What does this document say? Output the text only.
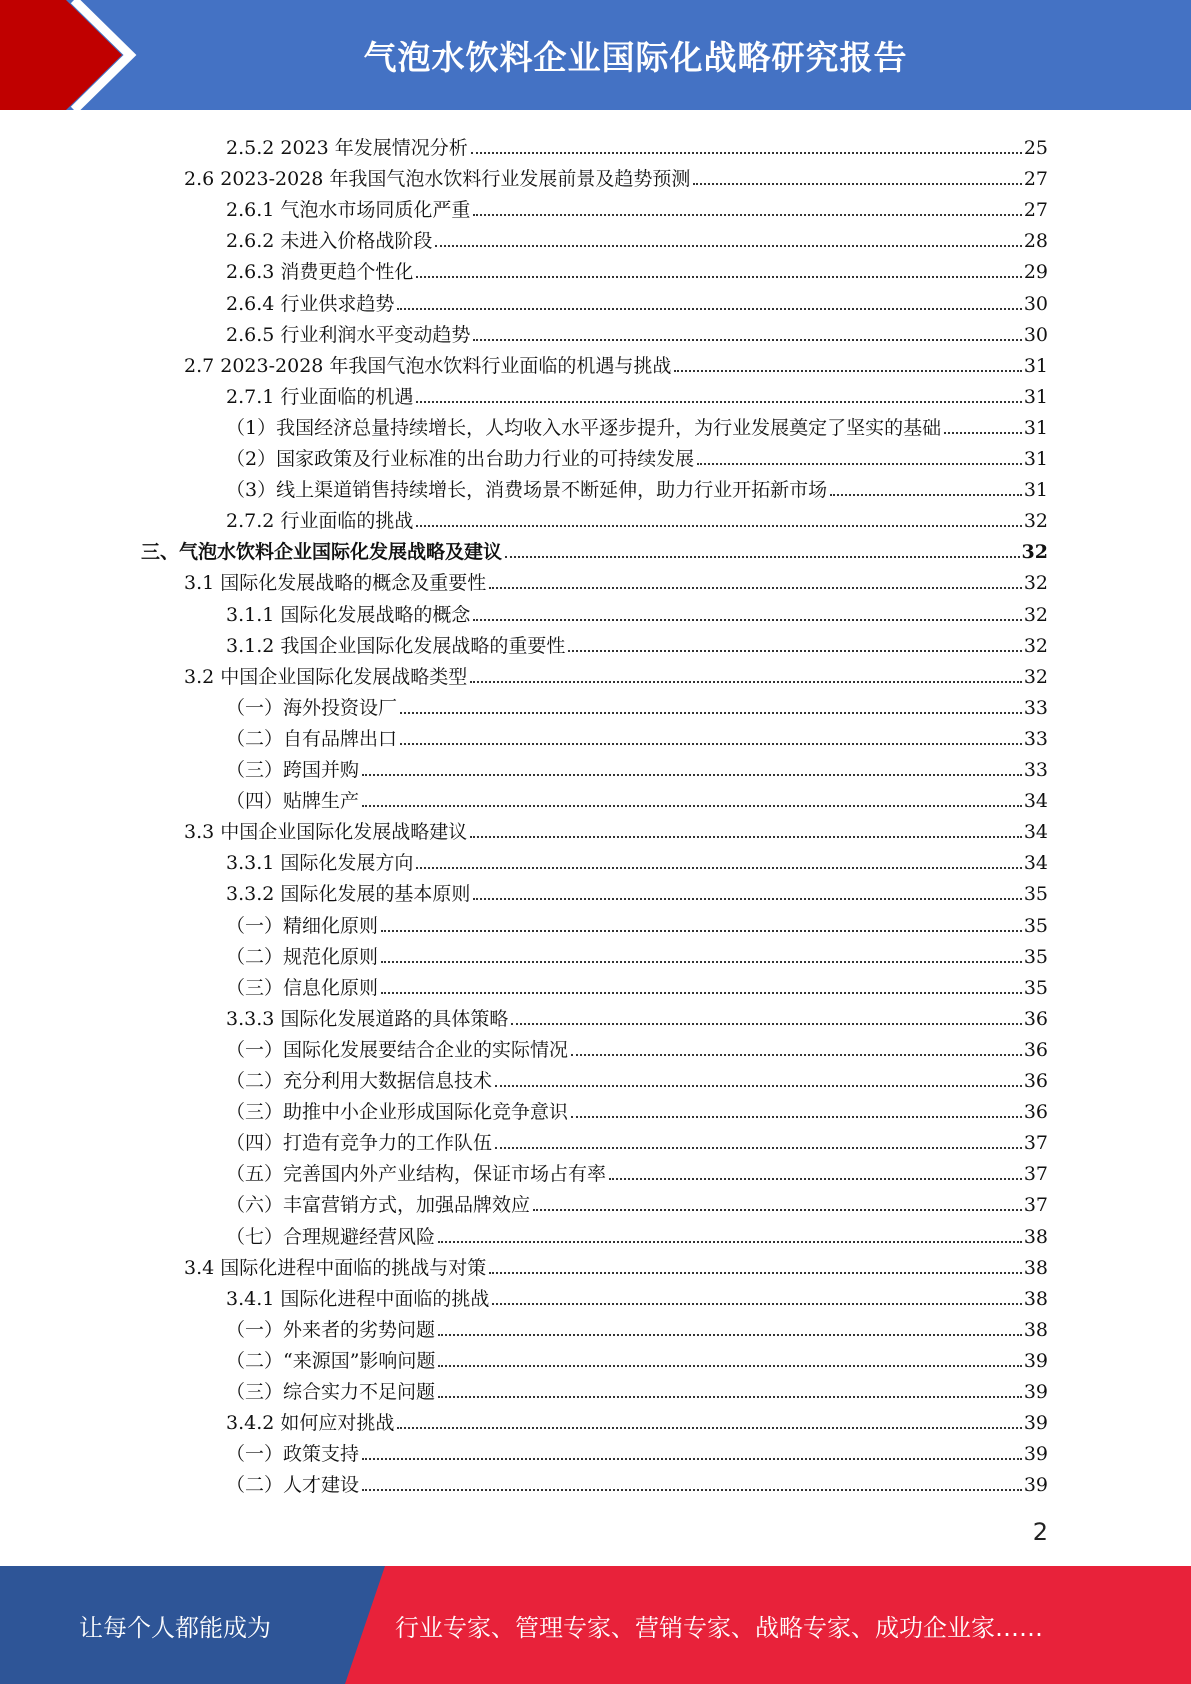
气泡水饮料企业国际化战略研究报告
2.5.2 2023 年发展情况分析	25
2.6 2023-2028 年我国气泡水饮料行业发展前景及趋势预测	27
2.6.1 气泡水市场同质化严重	27
2.6.2 未进入价格战阶段	28
2.6.3 消费更趋个性化	29
2.6.4 行业供求趋势	30
2.6.5 行业利润水平变动趋势	30
2.7 2023-2028 年我国气泡水饮料行业面临的机遇与挑战	31
2.7.1 行业面临的机遇	31
（1）我国经济总量持续增长，人均收入水平逐步提升，为行业发展奠定了坚实的基础	31
（2）国家政策及行业标准的出台助力行业的可持续发展	31
（3）线上渠道销售持续增长，消费场景不断延伸，助力行业开拓新市场	31
2.7.2 行业面临的挑战	32
三、气泡水饮料企业国际化发展战略及建议	32
3.1 国际化发展战略的概念及重要性	32
3.1.1 国际化发展战略的概念	32
3.1.2 我国企业国际化发展战略的重要性	32
3.2 中国企业国际化发展战略类型	32
（一）海外投资设厂	33
（二）自有品牌出口	33
（三）跨国并购	33
（四）贴牌生产	34
3.3 中国企业国际化发展战略建议	34
3.3.1 国际化发展方向	34
3.3.2 国际化发展的基本原则	35
（一）精细化原则	35
（二）规范化原则	35
（三）信息化原则	35
3.3.3 国际化发展道路的具体策略	36
（一）国际化发展要结合企业的实际情况	36
（二）充分利用大数据信息技术	36
（三）助推中小企业形成国际化竞争意识	36
（四）打造有竞争力的工作队伍	37
（五）完善国内外产业结构，保证市场占有率	37
（六）丰富营销方式，加强品牌效应	37
（七）合理规避经营风险	38
3.4 国际化进程中面临的挑战与对策	38
3.4.1 国际化进程中面临的挑战	38
（一）外来者的劣势问题	38
（二）“来源国”影响问题	39
（三）综合实力不足问题	39
3.4.2 如何应对挑战	39
（一）政策支持	39
（二）人才建设	39
2
让每个人都能成为	行业专家、管理专家、营销专家、战略专家、成功企业家……
